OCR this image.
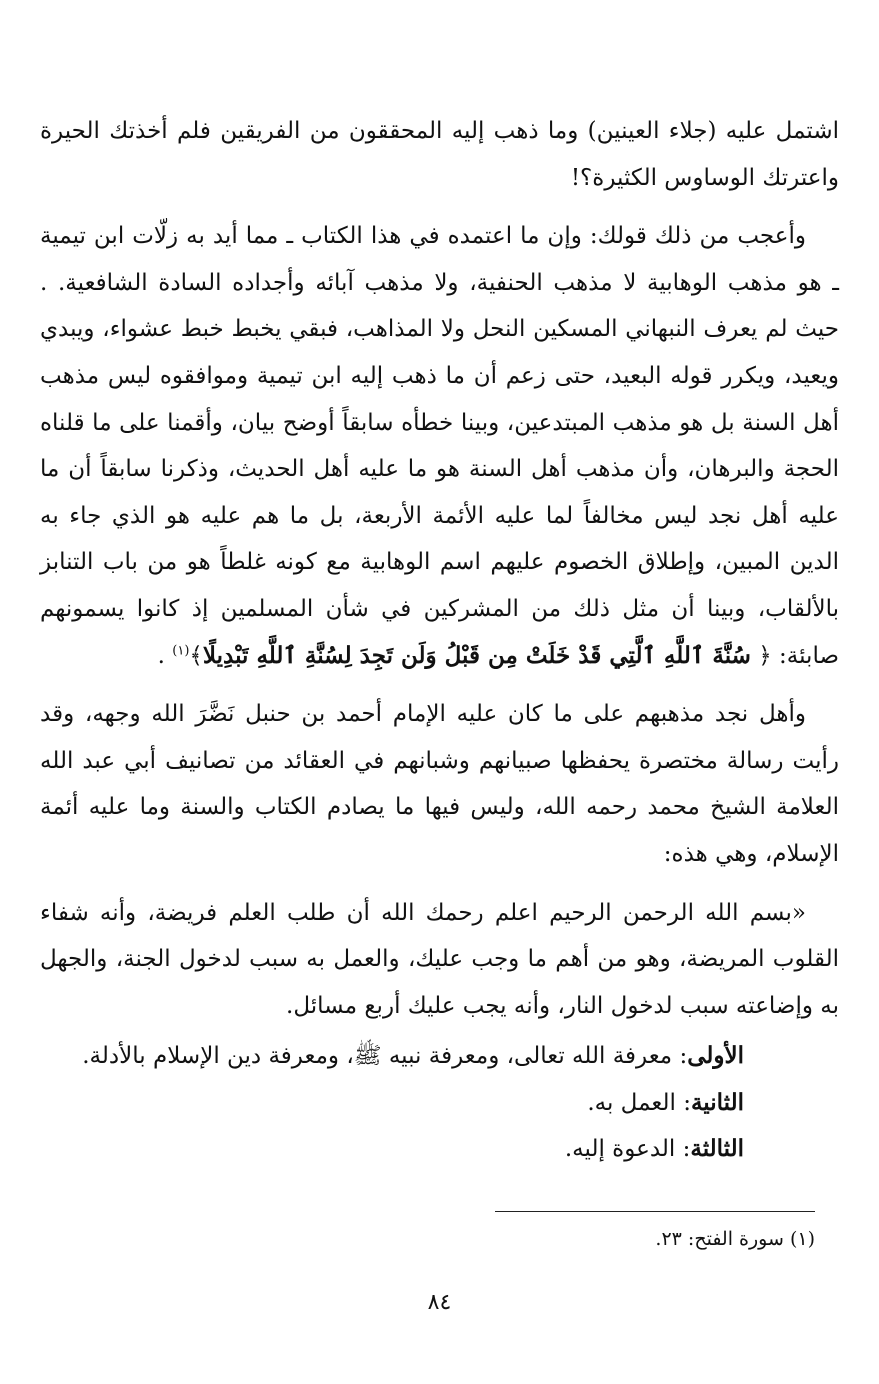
اشتمل عليه (جلاء العينين) وما ذهب إليه المحققون من الفريقين فلم أخذتك الحيرة واعترتك الوساوس الكثيرة؟!

وأعجب من ذلك قولك: وإن ما اعتمده في هذا الكتاب ـ مما أيد به زلّات ابن تيمية ـ هو مذهب الوهابية لا مذهب الحنفية، ولا مذهب آبائه وأجداده السادة الشافعية. . حيث لم يعرف النبهاني المسكين النحل ولا المذاهب، فبقي يخبط خبط عشواء، ويبدي ويعيد، ويكرر قوله البعيد، حتى زعم أن ما ذهب إليه ابن تيمية وموافقوه ليس مذهب أهل السنة بل هو مذهب المبتدعين، وبينا خطأه سابقاً أوضح بيان، وأقمنا على ما قلناه الحجة والبرهان، وأن مذهب أهل السنة هو ما عليه أهل الحديث، وذكرنا سابقاً أن ما عليه أهل نجد ليس مخالفاً لما عليه الأئمة الأربعة، بل ما هم عليه هو الذي جاء به الدين المبين، وإطلاق الخصوم عليهم اسم الوهابية مع كونه غلطاً هو من باب التنابز بالألقاب، وبينا أن مثل ذلك من المشركين في شأن المسلمين إذ كانوا يسمونهم صابئة: ﴿ سُنَّةَ ٱللَّهِ ٱلَّتِي قَدْ خَلَتْ مِن قَبْلُ وَلَن تَجِدَ لِسُنَّةِ ٱللَّهِ تَبْدِيلًا﴾$^{(١)}$ .

وأهل نجد مذهبهم على ما كان عليه الإمام أحمد بن حنبل نَضَّرَ الله وجهه، وقد رأيت رسالة مختصرة يحفظها صبيانهم وشبانهم في العقائد من تصانيف أبي عبد الله العلامة الشيخ محمد رحمه الله، وليس فيها ما يصادم الكتاب والسنة وما عليه أئمة الإسلام، وهي هذه:

«بسم الله الرحمن الرحيم اعلم رحمك الله أن طلب العلم فريضة، وأنه شفاء القلوب المريضة، وهو من أهم ما وجب عليك، والعمل به سبب لدخول الجنة، والجهل به وإضاعته سبب لدخول النار، وأنه يجب عليك أربع مسائل.

الأولى: معرفة الله تعالى، ومعرفة نبيه ﷺ، ومعرفة دين الإسلام بالأدلة.

الثانية: العمل به.

الثالثة: الدعوة إليه.

(١) سورة الفتح: ٢٣.
٨٤
